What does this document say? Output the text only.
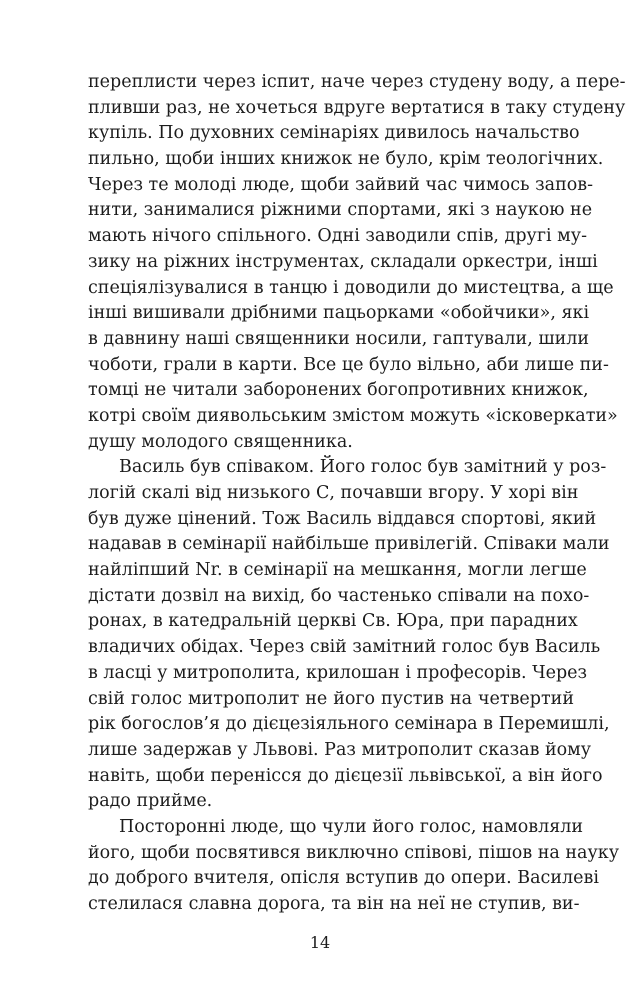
переплисти через іспит, наче через студену воду, а пере-
пливши раз, не хочеться вдруге вертатися в таку студену
купіль. По духовних семінаріях дивилось начальство
пильно, щоби інших книжок не було, крім теологічних.
Через те молоді люде, щоби зайвий час чимось запов-
нити, занималися ріжними спортами, які з наукою не
мають нічого спільного. Одні заводили спів, другі му-
зику на ріжних інструментах, складали оркестри, інші
спеціялізувалися в танцю і доводили до мистецтва, а ще
інші вишивали дрібними пацьорками «обойчики», які
в давнину наші священники носили, гаптували, шили
чоботи, грали в карти. Все це було вільно, аби лише пи-
томці не читали заборонених богопротивних книжок,
котрі своїм диявольським змістом можуть «ісковеркати»
душу молодого священника.
Василь був співаком. Його голос був замітний у роз-
логій скалі від низького С, почавши вгору. У хорі він
був дуже цінений. Тож Василь віддався спортові, який
надавав в семінарії найбільше привілегій. Співаки мали
найліпший Nr. в семінарії на мешкання, могли легше
дістати дозвіл на вихід, бо частенько співали на похо-
ронах, в катедральній церкві Св. Юра, при парадних
владичих обідах. Через свій замітний голос був Василь
в ласці у митрополита, крилошан і професорів. Через
свій голос митрополит не його пустив на четвертий
рік богослов’я до дієцезіяльного семінара в Перемишлі,
лише задержав у Львові. Раз митрополит сказав йому
навіть, щоби перенісся до дієцезії львівської, а він його
радо прийме.
Посторонні люде, що чули його голос, намовляли
його, щоби посвятився виключно співові, пішов на науку
до доброго вчителя, опісля вступив до опери. Василеві
стелилася славна дорога, та він на неї не ступив, ви-
14
